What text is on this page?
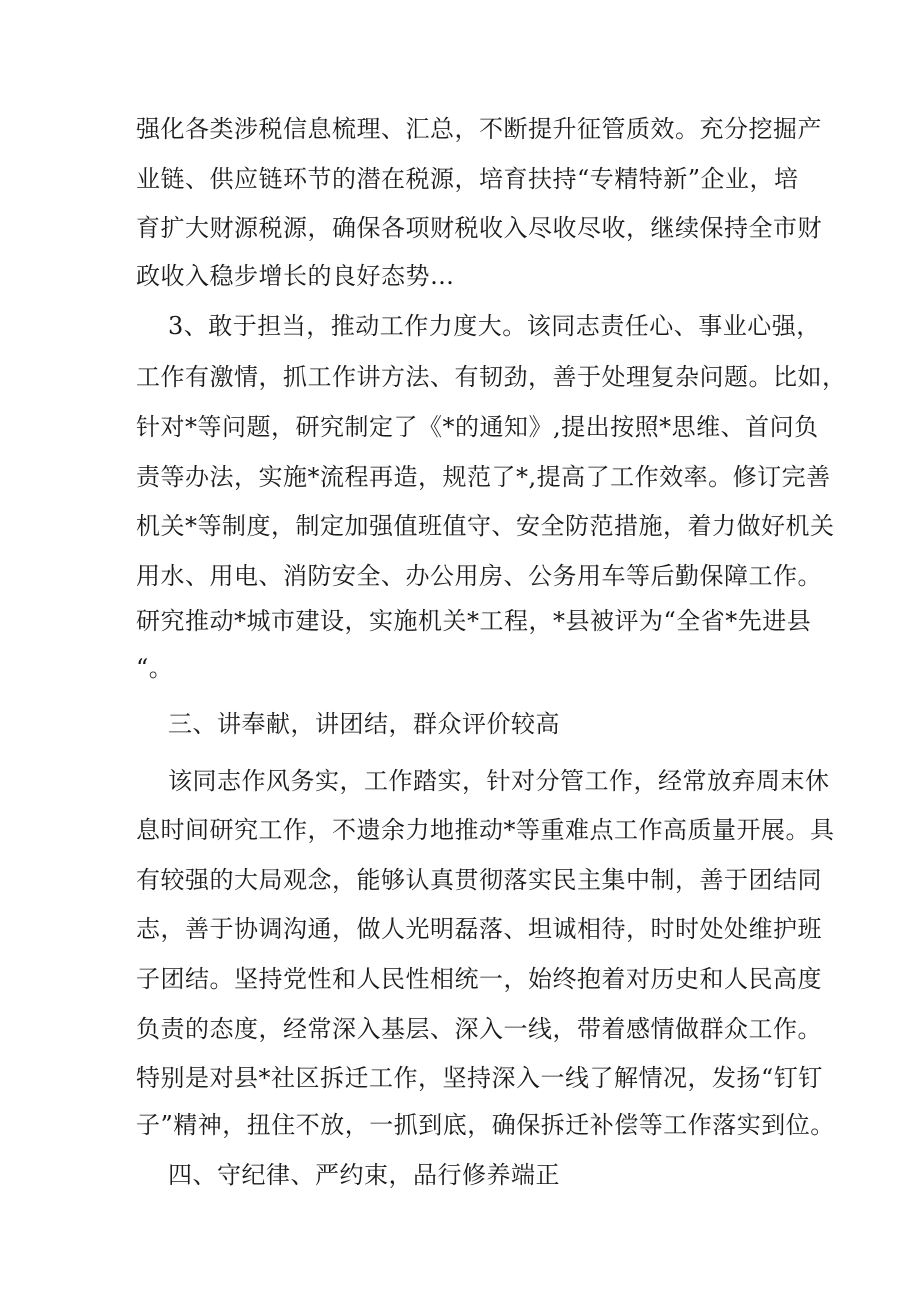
强化各类涉税信息梳理、汇总，不断提升征管质效。充分挖掘产
业链、供应链环节的潜在税源，培育扶持“专精特新”企业，培
育扩大财源税源，确保各项财税收入尽收尽收，继续保持全市财
政收入稳步增长的良好态势…
3、敢于担当，推动工作力度大。该同志责任心、事业心强，
工作有激情，抓工作讲方法、有韧劲，善于处理复杂问题。比如，
针对*等问题，研究制定了《*的通知》,提出按照*思维、首问负
责等办法，实施*流程再造，规范了*,提高了工作效率。修订完善
机关*等制度，制定加强值班值守、安全防范措施，着力做好机关
用水、用电、消防安全、办公用房、公务用车等后勤保障工作。
研究推动*城市建设，实施机关*工程，*县被评为“全省*先进县
“。
三、讲奉献，讲团结，群众评价较高
该同志作风务实，工作踏实，针对分管工作，经常放弃周末休
息时间研究工作，不遗余力地推动*等重难点工作高质量开展。具
有较强的大局观念，能够认真贯彻落实民主集中制，善于团结同
志，善于协调沟通，做人光明磊落、坦诚相待，时时处处维护班
子团结。坚持党性和人民性相统一，始终抱着对历史和人民高度
负责的态度，经常深入基层、深入一线，带着感情做群众工作。
特别是对县*社区拆迁工作，坚持深入一线了解情况，发扬“钉钉
子”精神，扭住不放，一抓到底，确保拆迁补偿等工作落实到位。
四、守纪律、严约束，品行修养端正
